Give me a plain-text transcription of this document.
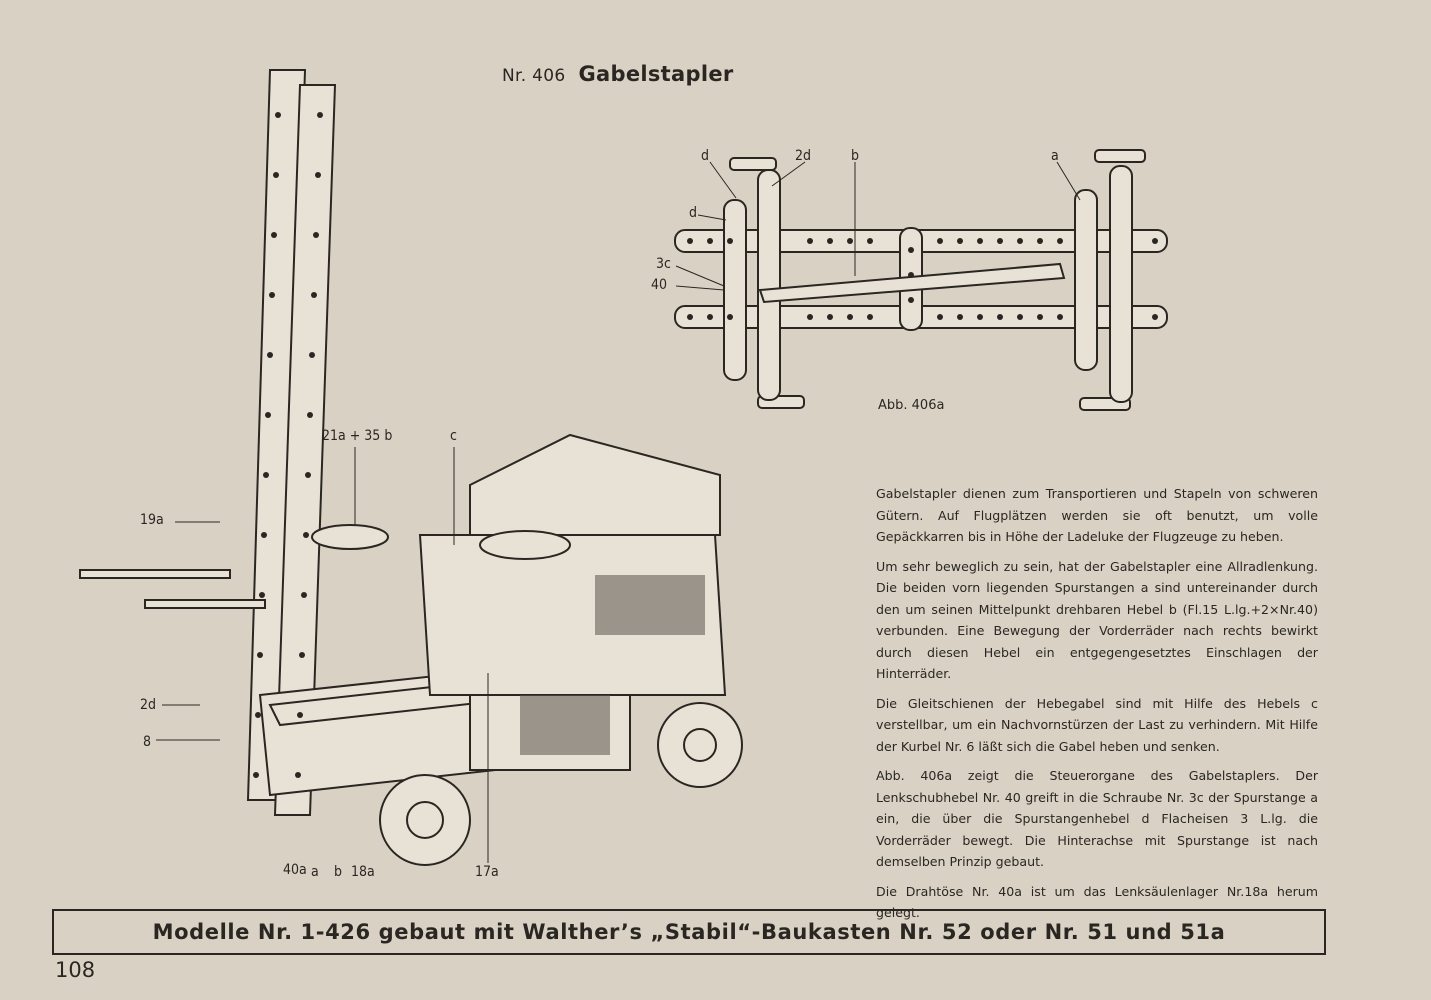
Nr. 406 Gabelstapler
d	2d	b	a
d
3c
40
Abb. 406a
21a + 35 b	c
19a
2d
8
40a a b 18a	17a

Gabelstapler dienen zum Transportieren und Stapeln von schweren Gütern. Auf Flugplätzen werden sie oft benutzt, um volle Gepäckkarren bis in Höhe der Ladeluke der Flugzeuge zu heben.

Um sehr beweglich zu sein, hat der Gabelstapler eine Allradlenkung. Die beiden vorn liegenden Spurstangen a sind untereinander durch den um seinen Mittelpunkt drehbaren Hebel b (Fl.15 L.lg.+2×Nr.40) verbunden. Eine Bewegung der Vorderräder nach rechts bewirkt durch diesen Hebel ein entgegengesetztes Einschlagen der Hinterräder.

Die Gleitschienen der Hebegabel sind mit Hilfe des Hebels c verstellbar, um ein Nachvornstürzen der Last zu verhindern. Mit Hilfe der Kurbel Nr. 6 läßt sich die Gabel heben und senken.

Abb. 406a zeigt die Steuerorgane des Gabelstaplers. Der Lenkschubhebel Nr. 40 greift in die Schraube Nr. 3c der Spurstange a ein, die über die Spurstangenhebel d Flacheisen 3 L.lg. die Vorderräder bewegt. Die Hinterachse mit Spurstange ist nach demselben Prinzip gebaut.

Die Drahtöse Nr. 40a ist um das Lenksäulenlager Nr.18a herum gelegt.

Modelle Nr. 1-426 gebaut mit Walther’s „Stabil“-Baukasten Nr. 52 oder Nr. 51 und 51a
108
